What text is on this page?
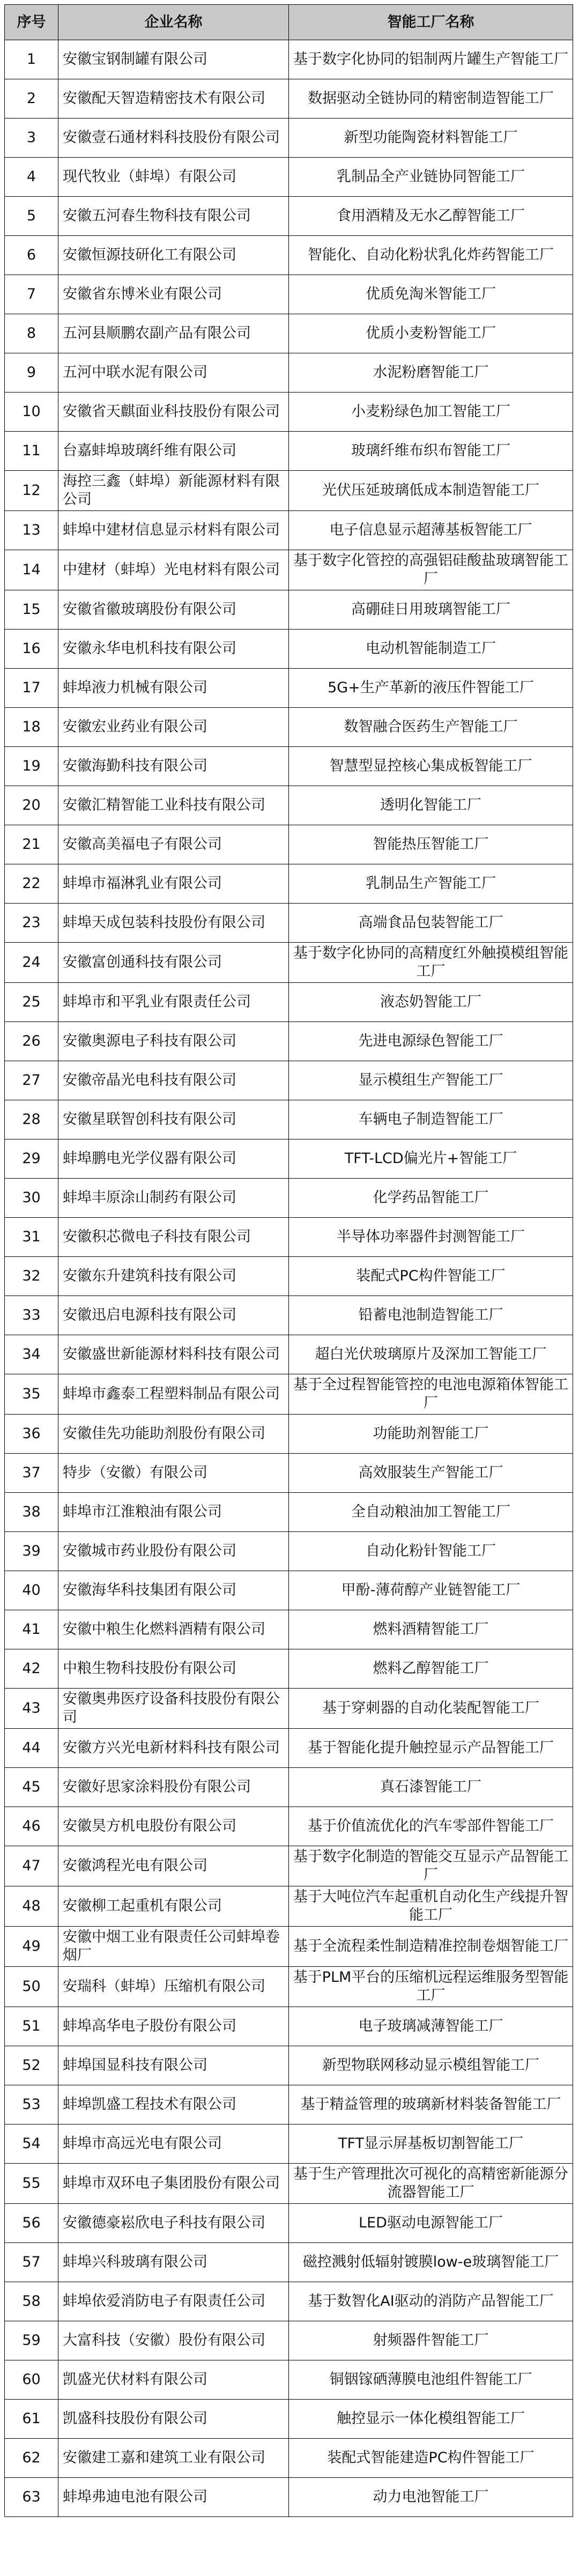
序号	企业名称	智能工厂名称
1	安徽宝钢制罐有限公司	基于数字化协同的铝制两片罐生产智能工厂
2	安徽配天智造精密技术有限公司	数据驱动全链协同的精密制造智能工厂
3	安徽壹石通材料科技股份有限公司	新型功能陶瓷材料智能工厂
4	现代牧业（蚌埠）有限公司	乳制品全产业链协同智能工厂
5	安徽五河春生物科技有限公司	食用酒精及无水乙醇智能工厂
6	安徽恒源技研化工有限公司	智能化、自动化粉状乳化炸药智能工厂
7	安徽省东博米业有限公司	优质免淘米智能工厂
8	五河县顺鹏农副产品有限公司	优质小麦粉智能工厂
9	五河中联水泥有限公司	水泥粉磨智能工厂
10	安徽省天麒面业科技股份有限公司	小麦粉绿色加工智能工厂
11	台嘉蚌埠玻璃纤维有限公司	玻璃纤维布织布智能工厂
12	海控三鑫（蚌埠）新能源材料有限公司	光伏压延玻璃低成本制造智能工厂
13	蚌埠中建材信息显示材料有限公司	电子信息显示超薄基板智能工厂
14	中建材（蚌埠）光电材料有限公司	基于数字化管控的高强铝硅酸盐玻璃智能工厂
15	安徽省徽玻璃股份有限公司	高硼硅日用玻璃智能工厂
16	安徽永华电机科技有限公司	电动机智能制造工厂
17	蚌埠液力机械有限公司	5G+生产革新的液压件智能工厂
18	安徽宏业药业有限公司	数智融合医药生产智能工厂
19	安徽海勤科技有限公司	智慧型显控核心集成板智能工厂
20	安徽汇精智能工业科技有限公司	透明化智能工厂
21	安徽高美福电子有限公司	智能热压智能工厂
22	蚌埠市福淋乳业有限公司	乳制品生产智能工厂
23	蚌埠天成包装科技股份有限公司	高端食品包装智能工厂
24	安徽富创通科技有限公司	基于数字化协同的高精度红外触摸模组智能工厂
25	蚌埠市和平乳业有限责任公司	液态奶智能工厂
26	安徽奥源电子科技有限公司	先进电源绿色智能工厂
27	安徽帝晶光电科技有限公司	显示模组生产智能工厂
28	安徽星联智创科技有限公司	车辆电子制造智能工厂
29	蚌埠鹏电光学仪器有限公司	TFT-LCD偏光片+智能工厂
30	蚌埠丰原涂山制药有限公司	化学药品智能工厂
31	安徽积芯微电子科技有限公司	半导体功率器件封测智能工厂
32	安徽东升建筑科技有限公司	装配式PC构件智能工厂
33	安徽迅启电源科技有限公司	铅蓄电池制造智能工厂
34	安徽盛世新能源材料科技有限公司	超白光伏玻璃原片及深加工智能工厂
35	蚌埠市鑫泰工程塑料制品有限公司	基于全过程智能管控的电池电源箱体智能工厂
36	安徽佳先功能助剂股份有限公司	功能助剂智能工厂
37	特步（安徽）有限公司	高效服装生产智能工厂
38	蚌埠市江淮粮油有限公司	全自动粮油加工智能工厂
39	安徽城市药业股份有限公司	自动化粉针智能工厂
40	安徽海华科技集团有限公司	甲酚-薄荷醇产业链智能工厂
41	安徽中粮生化燃料酒精有限公司	燃料酒精智能工厂
42	中粮生物科技股份有限公司	燃料乙醇智能工厂
43	安徽奥弗医疗设备科技股份有限公司	基于穿刺器的自动化装配智能工厂
44	安徽方兴光电新材料科技有限公司	基于智能化提升触控显示产品智能工厂
45	安徽好思家涂料股份有限公司	真石漆智能工厂
46	安徽昊方机电股份有限公司	基于价值流优化的汽车零部件智能工厂
47	安徽鸿程光电有限公司	基于数字化制造的智能交互显示产品智能工厂
48	安徽柳工起重机有限公司	基于大吨位汽车起重机自动化生产线提升智能工厂
49	安徽中烟工业有限责任公司蚌埠卷烟厂	基于全流程柔性制造精准控制卷烟智能工厂
50	安瑞科（蚌埠）压缩机有限公司	基于PLM平台的压缩机远程运维服务型智能工厂
51	蚌埠高华电子股份有限公司	电子玻璃减薄智能工厂
52	蚌埠国显科技有限公司	新型物联网移动显示模组智能工厂
53	蚌埠凯盛工程技术有限公司	基于精益管理的玻璃新材料装备智能工厂
54	蚌埠市高远光电有限公司	TFT显示屏基板切割智能工厂
55	蚌埠市双环电子集团股份有限公司	基于生产管理批次可视化的高精密新能源分流器智能工厂
56	安徽德豪崧欣电子科技有限公司	LED驱动电源智能工厂
57	蚌埠兴科玻璃有限公司	磁控溅射低辐射镀膜low-e玻璃智能工厂
58	蚌埠依爱消防电子有限责任公司	基于数智化AI驱动的消防产品智能工厂
59	大富科技（安徽）股份有限公司	射频器件智能工厂
60	凯盛光伏材料有限公司	铜铟镓硒薄膜电池组件智能工厂
61	凯盛科技股份有限公司	触控显示一体化模组智能工厂
62	安徽建工嘉和建筑工业有限公司	装配式智能建造PC构件智能工厂
63	蚌埠弗迪电池有限公司	动力电池智能工厂
